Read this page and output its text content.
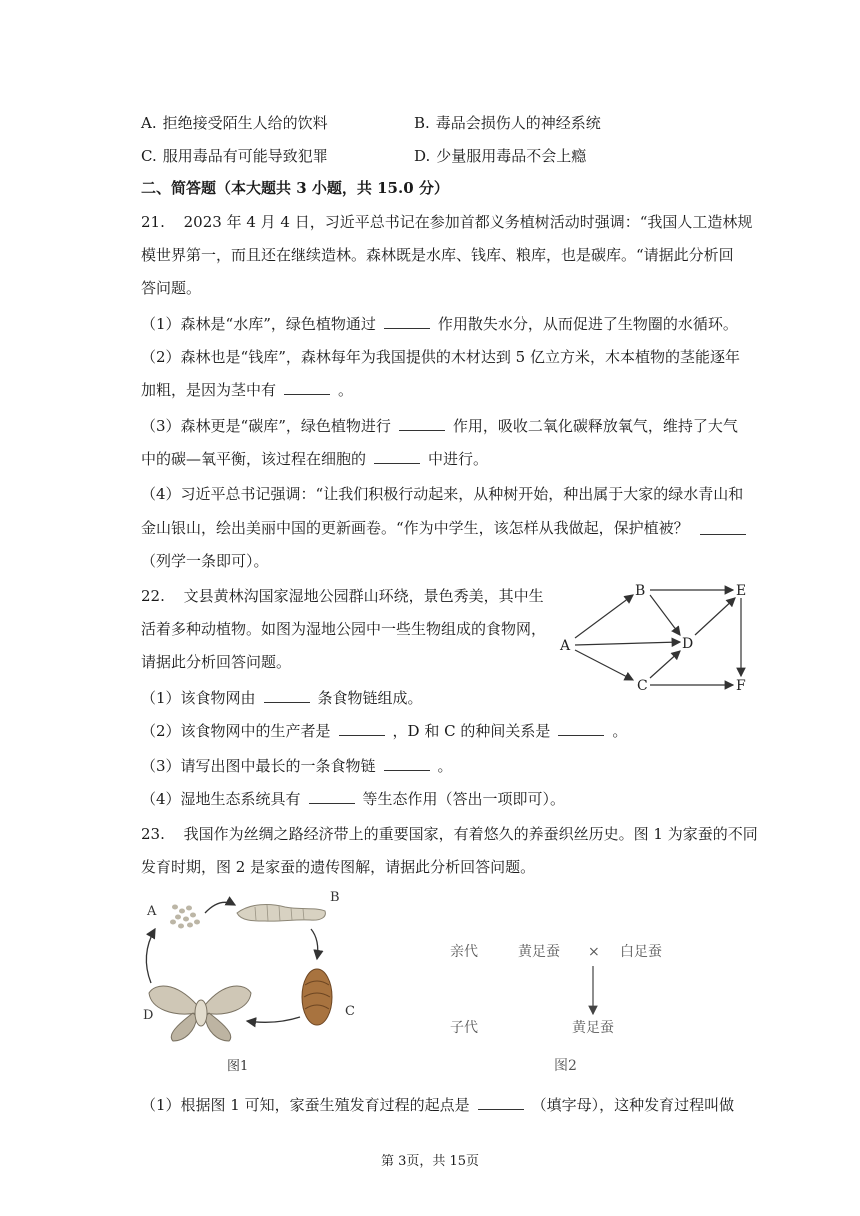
A. 拒绝接受陌生人给的饮料	B. 毒品会损伤人的神经系统
C. 服用毒品有可能导致犯罪	D. 少量服用毒品不会上瘾
二、简答题（本大题共 3 小题，共 15.0 分）
21. 2023 年 4 月 4 日，习近平总书记在参加首都义务植树活动时强调：“我国人工造林规
模世界第一，而且还在继续造林。森林既是水库、钱库、粮库，也是碳库。“请据此分析回
答问题。
（1）森林是“水库”，绿色植物通过	作用散失水分，从而促进了生物圈的水循环。
（2）森林也是“钱库”，森林每年为我国提供的木材达到 5 亿立方米，木本植物的茎能逐年
加粗，是因为茎中有	。
（3）森林更是“碳库”，绿色植物进行	作用，吸收二氧化碳释放氧气，维持了大气
中的碳—氧平衡，该过程在细胞的	中进行。
（4）习近平总书记强调：“让我们积极行动起来，从种树开始，种出属于大家的绿水青山和
金山银山，绘出美丽中国的更新画卷。“作为中学生，该怎样从我做起，保护植被？
（列学一条即可）。
22. 文县黄林沟国家湿地公园群山环绕，景色秀美，其中生
活着多种动植物。如图为湿地公园中一些生物组成的食物网，
请据此分析回答问题。
A
B
C
D
E
F
（1）该食物网由	条食物链组成。
（2）该食物网中的生产者是	，D 和 C 的种间关系是	。
（3）请写出图中最长的一条食物链	。
（4）湿地生态系统具有	等生态作用（答出一项即可）。
23. 我国作为丝绸之路经济带上的重要国家，有着悠久的养蚕织丝历史。图 1 为家蚕的不同
发育时期，图 2 是家蚕的遗传图解，请据此分析回答问题。
A
B
C
D
图1
亲代	黄足蚕 × 白足蚕
子代	黄足蚕
图2
（1）根据图 1 可知，家蚕生殖发育过程的起点是	（填字母），这种发育过程叫做
第 3页，共 15页
